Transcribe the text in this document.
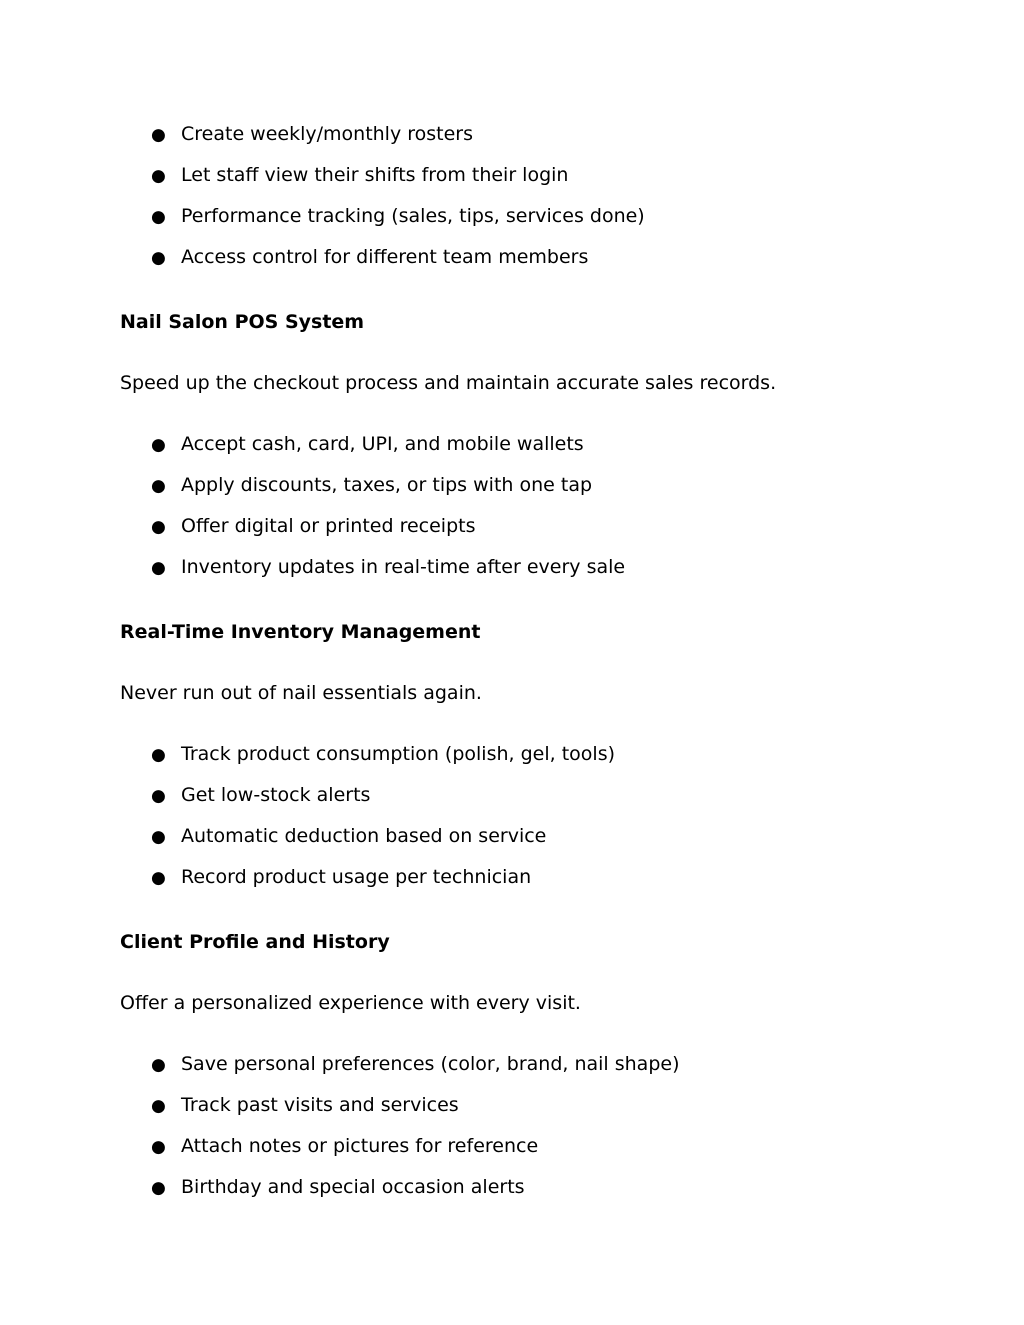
● Create weekly/monthly rosters
● Let staff view their shifts from their login
● Performance tracking (sales, tips, services done)
● Access control for different team members
Nail Salon POS System

Speed up the checkout process and maintain accurate sales records.

● Accept cash, card, UPI, and mobile wallets
● Apply discounts, taxes, or tips with one tap
● Offer digital or printed receipts
● Inventory updates in real-time after every sale
Real-Time Inventory Management

Never run out of nail essentials again.

● Track product consumption (polish, gel, tools)
● Get low-stock alerts
● Automatic deduction based on service
● Record product usage per technician
Client Profile and History

Offer a personalized experience with every visit.

● Save personal preferences (color, brand, nail shape)
● Track past visits and services
● Attach notes or pictures for reference
● Birthday and special occasion alerts
